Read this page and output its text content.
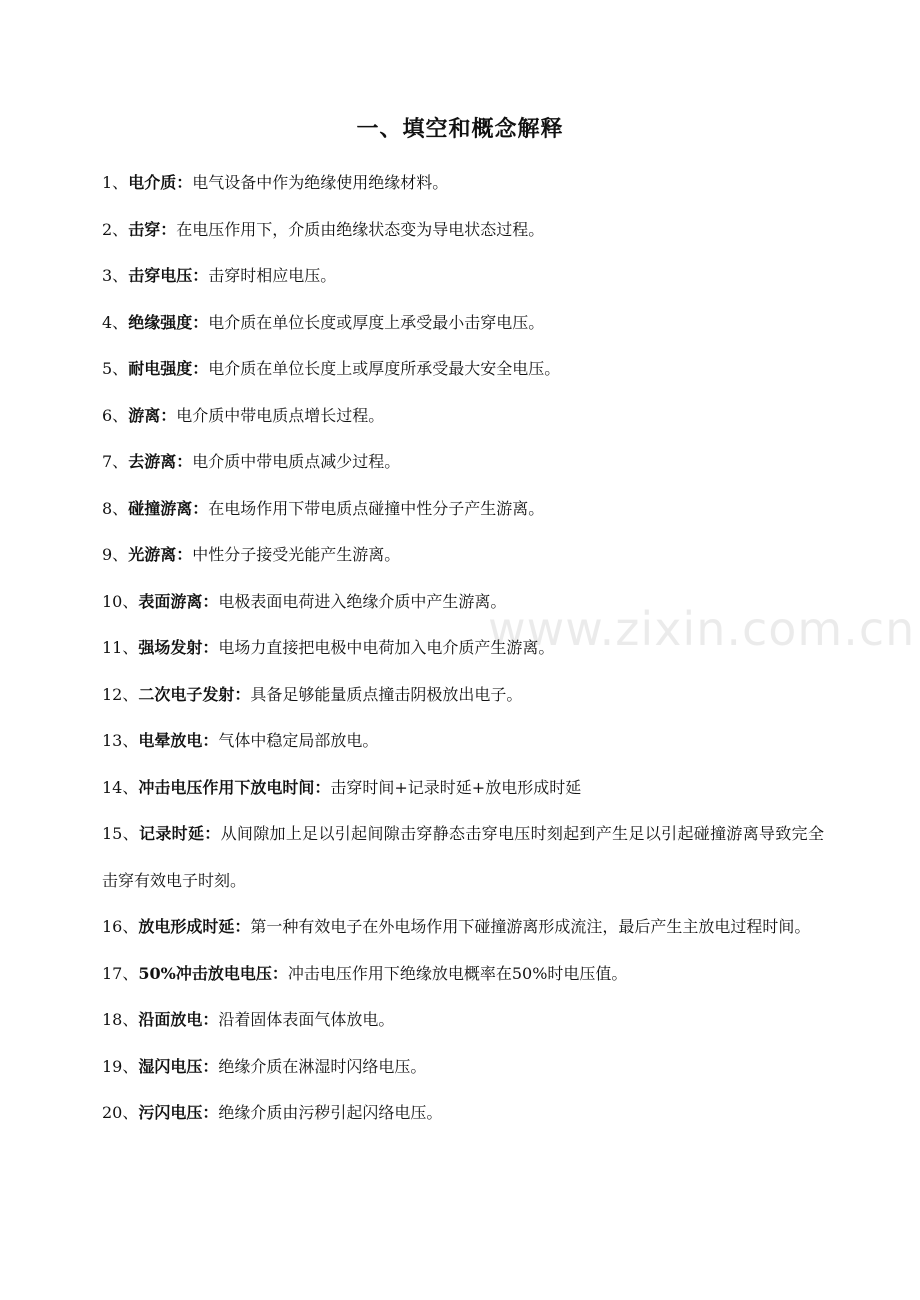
一、填空和概念解释
1、电介质：电气设备中作为绝缘使用绝缘材料。
2、击穿：在电压作用下，介质由绝缘状态变为导电状态过程。
3、击穿电压：击穿时相应电压。
4、绝缘强度：电介质在单位长度或厚度上承受最小击穿电压。
5、耐电强度：电介质在单位长度上或厚度所承受最大安全电压。
6、游离：电介质中带电质点增长过程。
7、去游离：电介质中带电质点减少过程。
8、碰撞游离：在电场作用下带电质点碰撞中性分子产生游离。
9、光游离：中性分子接受光能产生游离。
10、表面游离：电极表面电荷进入绝缘介质中产生游离。
11、强场发射：电场力直接把电极中电荷加入电介质产生游离。
12、二次电子发射：具备足够能量质点撞击阴极放出电子。
13、电晕放电：气体中稳定局部放电。
14、冲击电压作用下放电时间：击穿时间+记录时延+放电形成时延
15、记录时延：从间隙加上足以引起间隙击穿静态击穿电压时刻起到产生足以引起碰撞游离导致完全击穿有效电子时刻。
16、放电形成时延：第一种有效电子在外电场作用下碰撞游离形成流注，最后产生主放电过程时间。
17、50%冲击放电电压：冲击电压作用下绝缘放电概率在50%时电压值。
18、沿面放电：沿着固体表面气体放电。
19、湿闪电压：绝缘介质在淋湿时闪络电压。
20、污闪电压：绝缘介质由污秽引起闪络电压。
www.zixin.com.cn
